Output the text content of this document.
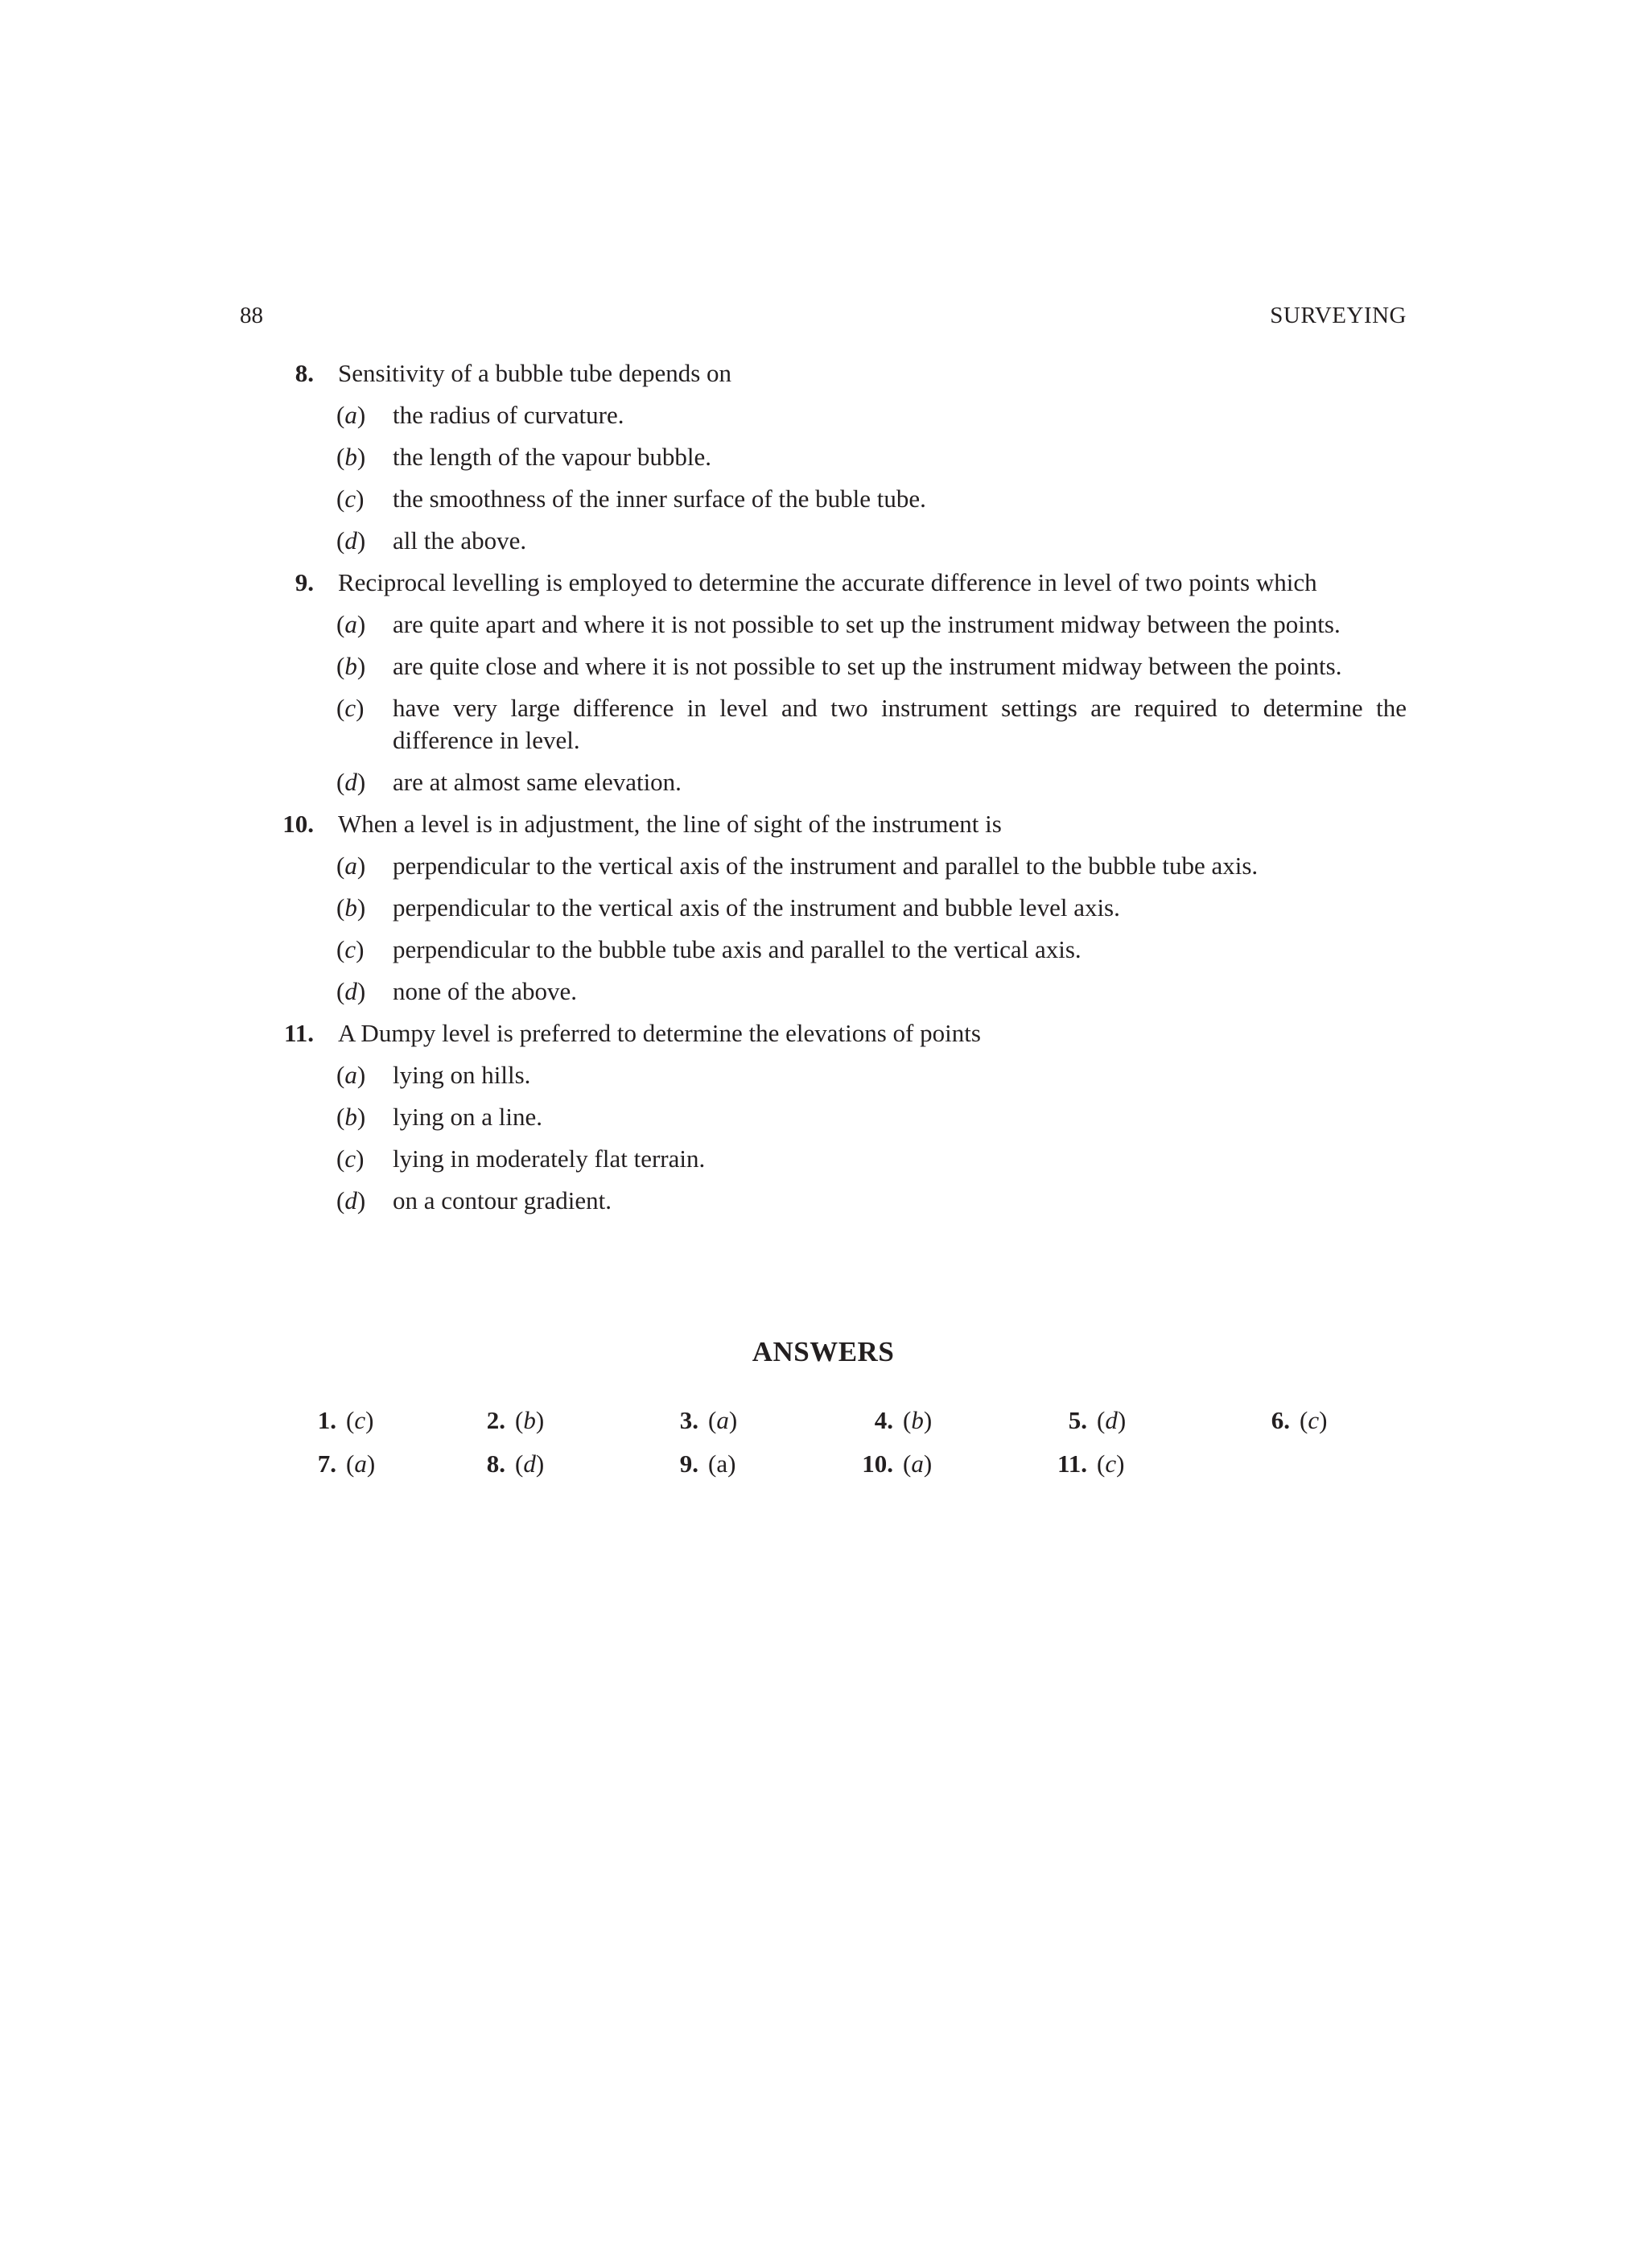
88	SURVEYING
8. Sensitivity of a bubble tube depends on
(a)	the radius of curvature.
(b)	the length of the vapour bubble.
(c)	the smoothness of the inner surface of the buble tube.
(d)	all the above.
9. Reciprocal levelling is employed to determine the accurate difference in level of two points which
(a)	are quite apart and where it is not possible to set up the instrument midway between the points.
(b)	are quite close and where it is not possible to set up the instrument midway between the points.
(c)	have very large difference in level and two instrument settings are required to determine the difference in level.
(d)	are at almost same elevation.
10. When a level is in adjustment, the line of sight of the instrument is
(a)	perpendicular to the vertical axis of the instrument and parallel to the bubble tube axis.
(b)	perpendicular to the vertical axis of the instrument and bubble level axis.
(c)	perpendicular to the bubble tube axis and parallel to the vertical axis.
(d)	none of the above.
11. A Dumpy level is preferred to determine the elevations of points
(a)	lying on hills.
(b)	lying on a line.
(c)	lying in moderately flat terrain.
(d)	on a contour gradient.
ANSWERS
1. (c)	2. (b)	3. (a)	4. (b)	5. (d)	6. (c)
7. (a)	8. (d)	9. (a)	10. (a)	11. (c)
